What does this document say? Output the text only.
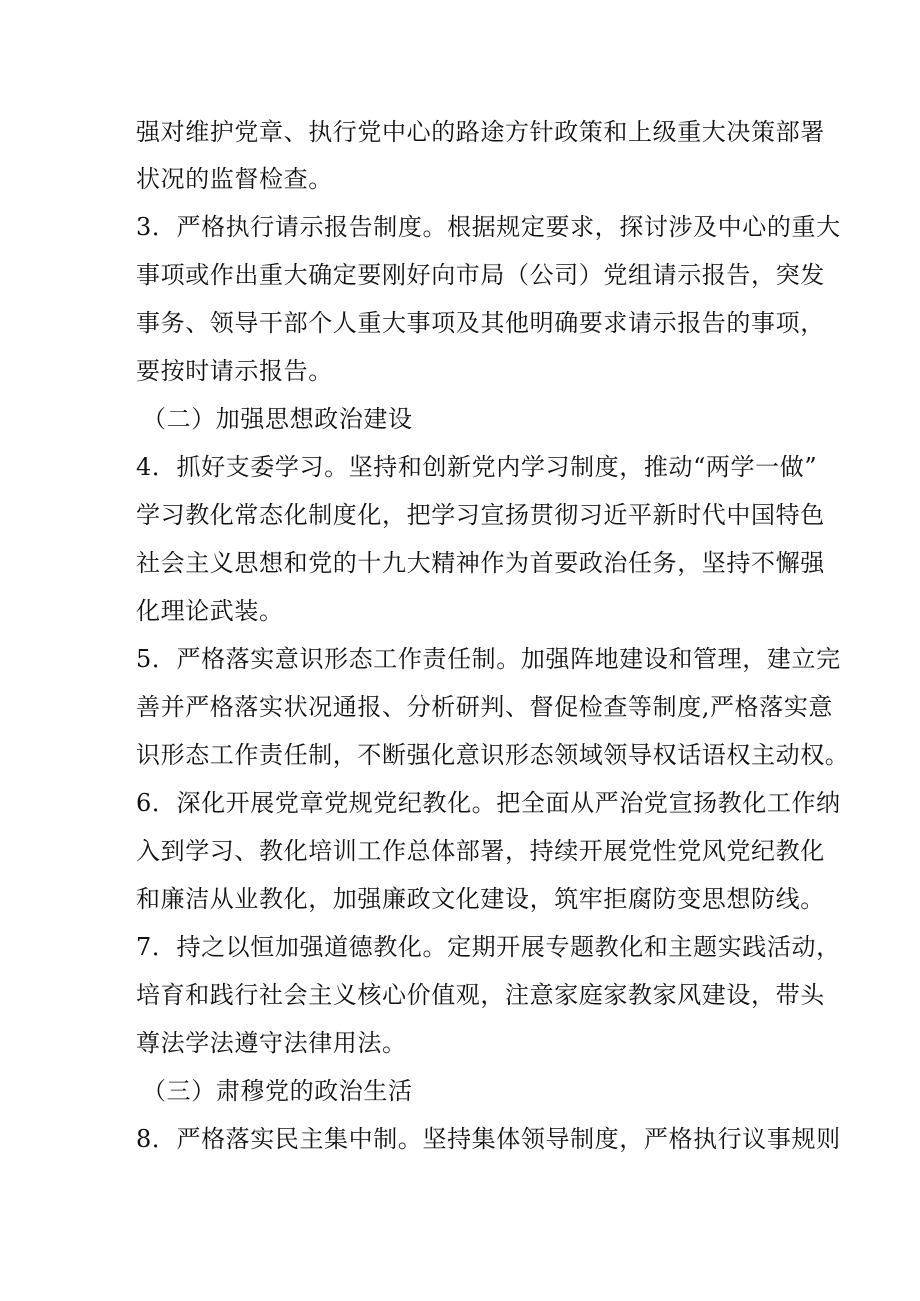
强对维护党章、执行党中心的路途方针政策和上级重大决策部署
状况的监督检查。
3．严格执行请示报告制度。根据规定要求，探讨涉及中心的重大
事项或作出重大确定要刚好向市局（公司）党组请示报告，突发
事务、领导干部个人重大事项及其他明确要求请示报告的事项，
要按时请示报告。
（二）加强思想政治建设
4．抓好支委学习。坚持和创新党内学习制度，推动“两学一做”
学习教化常态化制度化，把学习宣扬贯彻习近平新时代中国特色
社会主义思想和党的十九大精神作为首要政治任务，坚持不懈强
化理论武装。
5．严格落实意识形态工作责任制。加强阵地建设和管理，建立完
善并严格落实状况通报、分析研判、督促检查等制度,严格落实意
识形态工作责任制，不断强化意识形态领域领导权话语权主动权。
6．深化开展党章党规党纪教化。把全面从严治党宣扬教化工作纳
入到学习、教化培训工作总体部署，持续开展党性党风党纪教化
和廉洁从业教化，加强廉政文化建设，筑牢拒腐防变思想防线。
7．持之以恒加强道德教化。定期开展专题教化和主题实践活动，
培育和践行社会主义核心价值观，注意家庭家教家风建设，带头
尊法学法遵守法律用法。
（三）肃穆党的政治生活
8．严格落实民主集中制。坚持集体领导制度，严格执行议事规则
